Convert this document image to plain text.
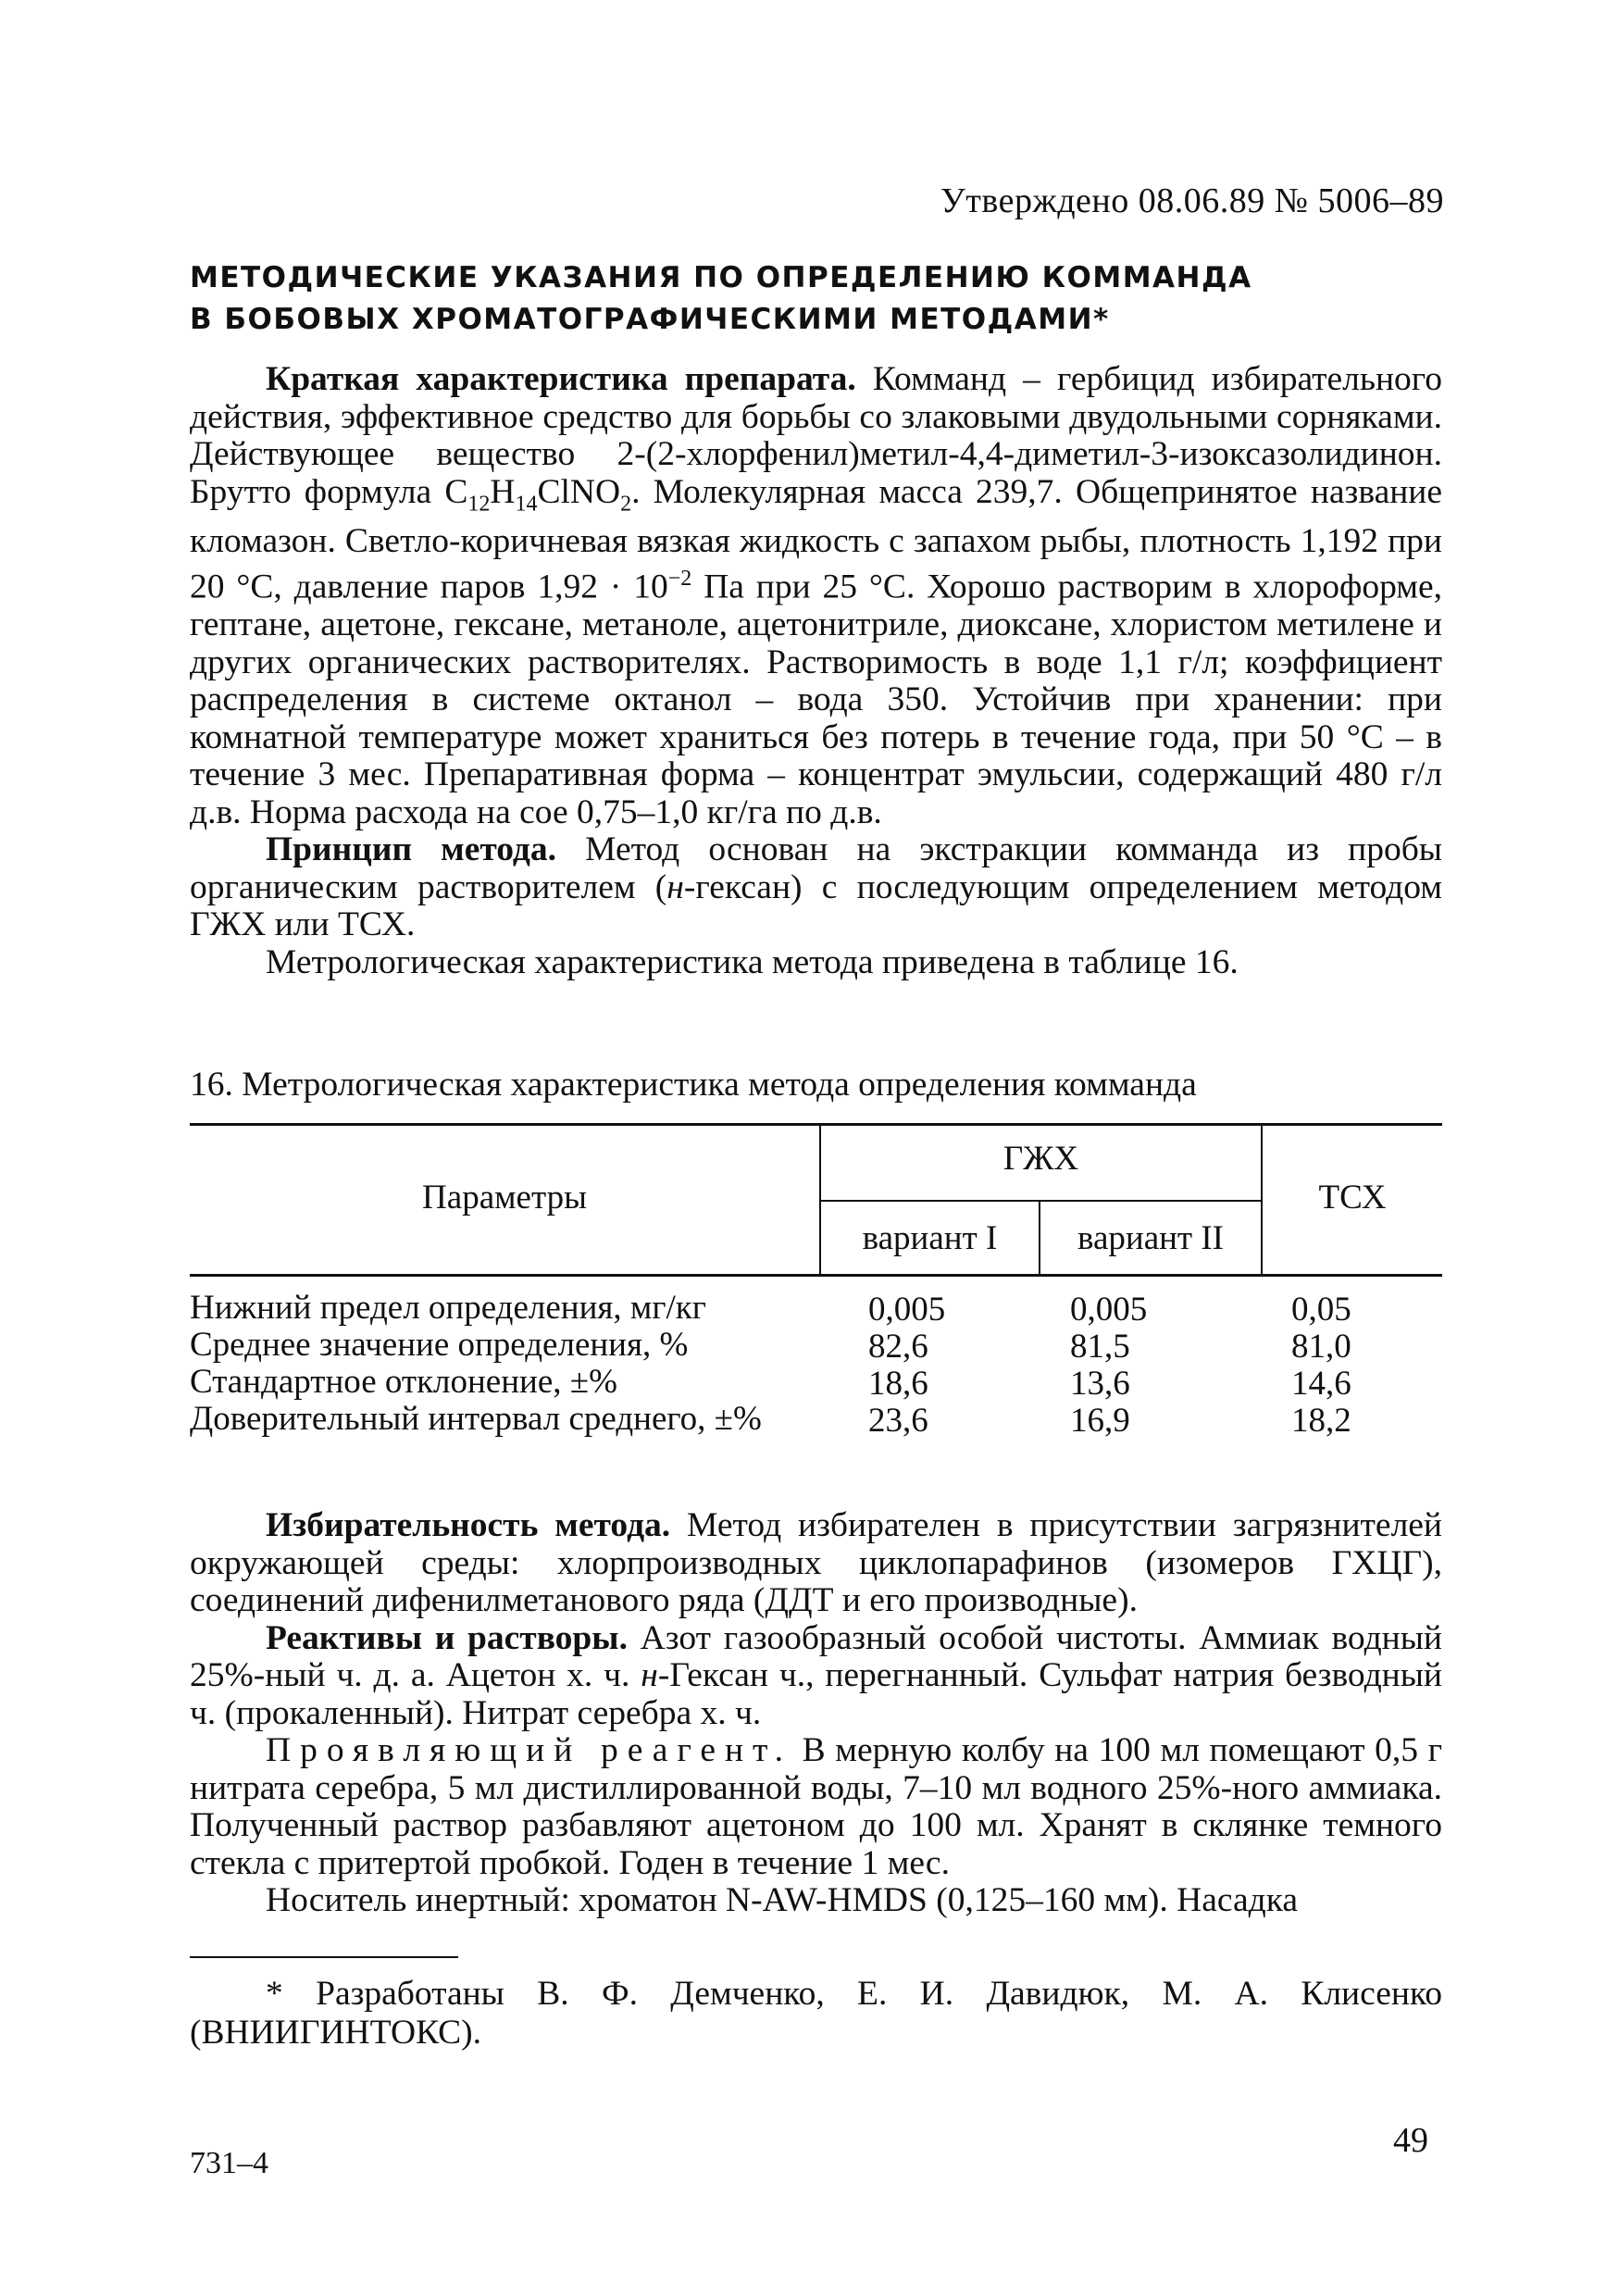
Утверждено 08.06.89 № 5006–89
МЕТОДИЧЕСКИЕ УКАЗАНИЯ ПО ОПРЕДЕЛЕНИЮ КОММАНДА
В БОБОВЫХ ХРОМАТОГРАФИЧЕСКИМИ МЕТОДАМИ*

Краткая характеристика препарата. Комманд – гербицид избирательного действия, эффективное средство для борьбы со злаковыми двудольными сорняками. Действующее вещество 2-(2-хлорфенил)метил-4,4-диметил-3-изоксазолидинон. Брутто формула $C_{12}H_{14}ClNO_2$. Молекулярная масса 239,7. Общепринятое название кломазон. Светло-коричневая вязкая жидкость с запахом рыбы, плотность 1,192 при 20 °С, давление паров $1,92 \cdot 10^{-2}$ Па при 25 °С. Хорошо растворим в хлороформе, гептане, ацетоне, гексане, метаноле, ацетонитриле, диоксане, хлористом метилене и других органических растворителях. Растворимость в воде 1,1 г/л; коэффициент распределения в системе октанол – вода 350. Устойчив при хранении: при комнатной температуре может храниться без потерь в течение года, при 50 °С – в течение 3 мес. Препаративная форма – концентрат эмульсии, содержащий 480 г/л д.в. Норма расхода на сое 0,75–1,0 кг/га по д.в.

Принцип метода. Метод основан на экстракции комманда из пробы органическим растворителем (н-гексан) с последующим определением методом ГЖХ или ТСХ.

Метрологическая характеристика метода приведена в таблице 16.

16. Метрологическая характеристика метода определения комманда
Параметры
ГЖХ
вариант I	вариант II
ТСХ
Нижний предел определения, мг/кг	0,005	0,005	0,05
Среднее значение определения, %	82,6	81,5	81,0
Стандартное отклонение, ±%	18,6	13,6	14,6
Доверительный интервал среднего, ±%	23,6	16,9	18,2

Избирательность метода. Метод избирателен в присутствии загрязнителей окружающей среды: хлорпроизводных циклопарафинов (изомеров ГХЦГ), соединений дифенилметанового ряда (ДДТ и его производные).

Реактивы и растворы. Азот газообразный особой чистоты. Аммиак водный 25%-ный ч. д. а. Ацетон х. ч. н-Гексан ч., перегнанный. Сульфат натрия безводный ч. (прокаленный). Нитрат серебра х. ч.

Проявляющий реагент. В мерную колбу на 100 мл помещают 0,5 г нитрата серебра, 5 мл дистиллированной воды, 7–10 мл водного 25%-ного аммиака. Полученный раствор разбавляют ацетоном до 100 мл. Хранят в склянке темного стекла с притертой пробкой. Годен в течение 1 мес.

Носитель инертный: хроматон N-AW-HMDS (0,125–160 мм). Насадка

* Разработаны В. Ф. Демченко, Е. И. Давидюк, М. А. Клисенко (ВНИИГИНТОКС).

731–4
49
